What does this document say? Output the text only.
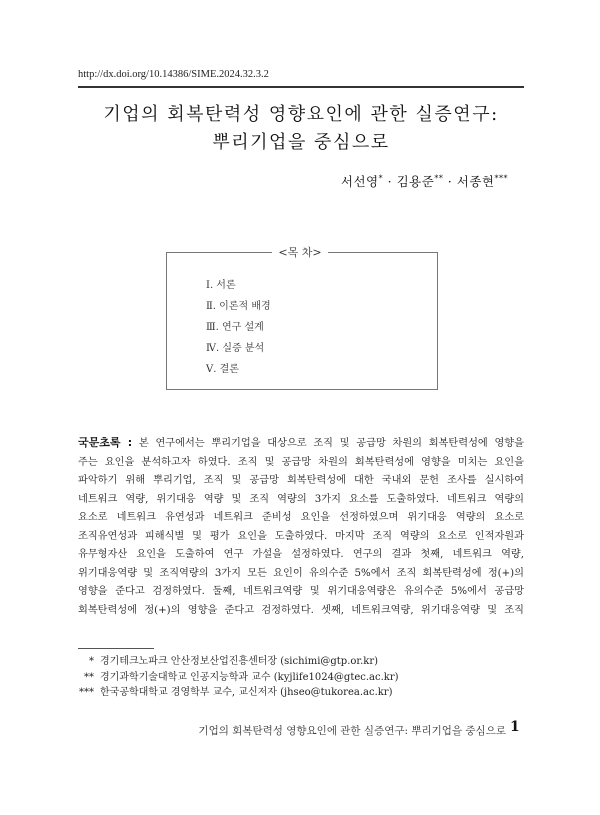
http://dx.doi.org/10.14386/SIME.2024.32.3.2
기업의 회복탄력성 영향요인에 관한 실증연구:
뿌리기업을 중심으로
서선영* · 김용준** · 서종현***
<목 차>
Ⅰ. 서론
Ⅱ. 이론적 배경
Ⅲ. 연구 설계
Ⅳ. 실증 분석
Ⅴ. 결론
국문초록 : 본 연구에서는 뿌리기업을 대상으로 조직 및 공급망 차원의 회복탄력성에 영향을
주는 요인을 분석하고자 하였다. 조직 및 공급망 차원의 회복탄력성에 영향을 미치는 요인을
파악하기 위해 뿌리기업, 조직 및 공급망 회복탄력성에 대한 국내외 문헌 조사를 실시하여
네트워크 역량, 위기대응 역량 및 조직 역량의 3가지 요소를 도출하였다. 네트워크 역량의
요소로 네트워크 유연성과 네트워크 준비성 요인을 선정하였으며 위기대응 역량의 요소로
조직유연성과 피해식별 및 평가 요인을 도출하였다. 마지막 조직 역량의 요소로 인적자원과
유무형자산 요인을 도출하여 연구 가설을 설정하였다. 연구의 결과 첫째, 네트워크 역량,
위기대응역량 및 조직역량의 3가지 모든 요인이 유의수준 5%에서 조직 회복탄력성에 정(+)의
영향을 준다고 검정하였다. 둘째, 네트워크역량 및 위기대응역량은 유의수준 5%에서 공급망
회복탄력성에 정(+)의 영향을 준다고 검정하였다. 셋째, 네트워크역량, 위기대응역량 및 조직
* 경기테크노파크 안산정보산업진흥센터장 (sichimi@gtp.or.kr)
** 경기과학기술대학교 인공지능학과 교수 (kyjlife1024@gtec.ac.kr)
*** 한국공학대학교 경영학부 교수, 교신저자 (jhseo@tukorea.ac.kr)
기업의 회복탄력성 영향요인에 관한 실증연구: 뿌리기업을 중심으로 1
